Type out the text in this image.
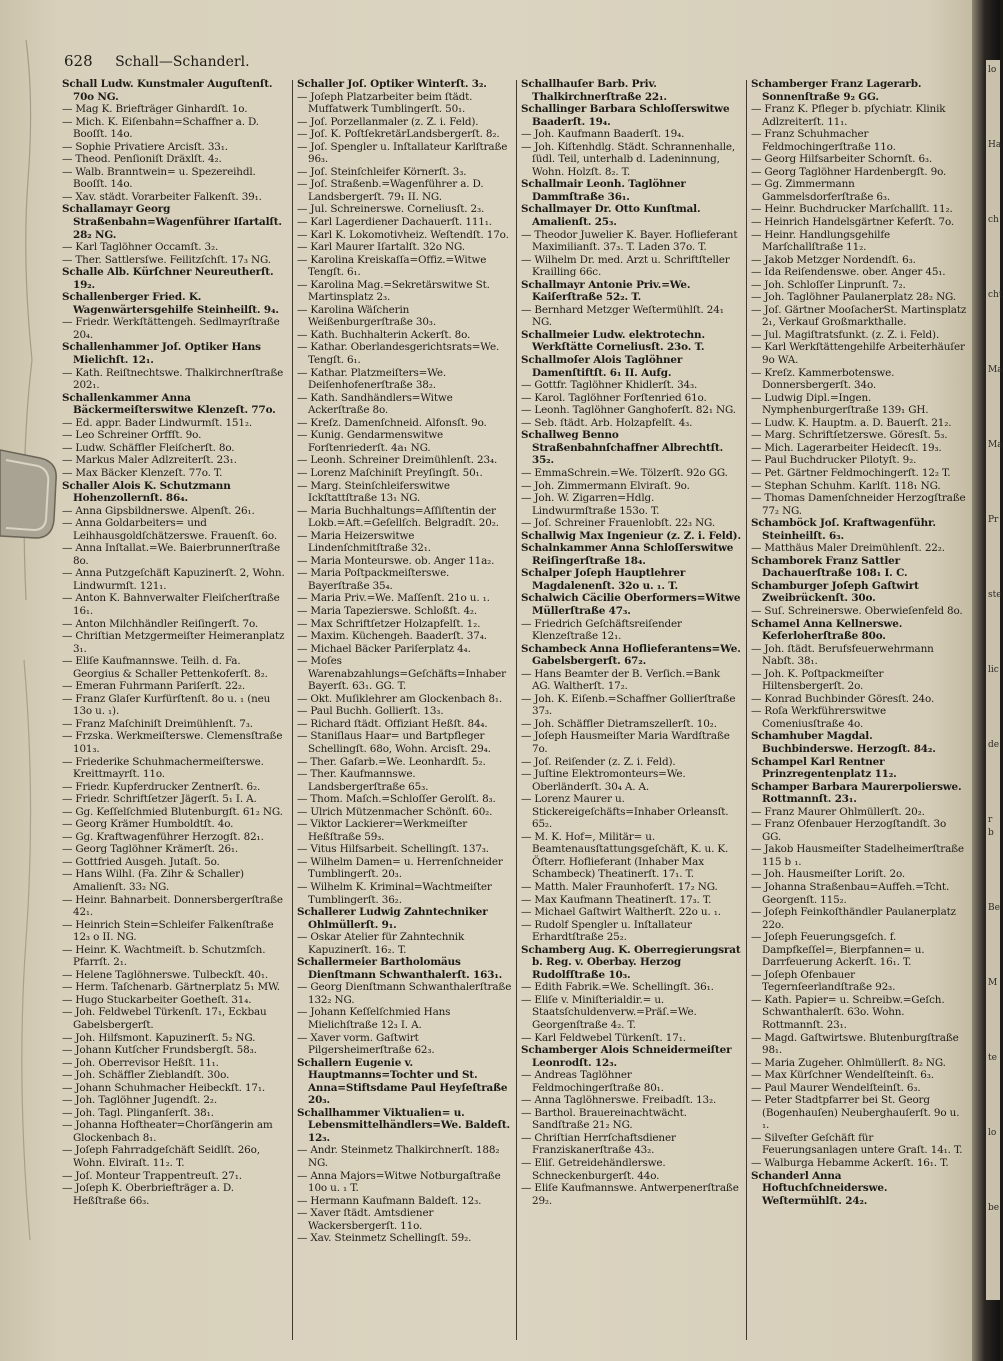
628 Schall—Schanderl.
Schall Ludw. Kunstmaler Auguſtenſt. 70o NG.
— Mag K. Briefträger Ginhardſt. 1o.
— Mich. K. Eiſenbahn=Schaffner a. D. Booſſt. 14o.
— Sophie Privatiere Arcisſt. 33₁.
— Theod. Penſioniſt Dräxlſt. 4₂.
— Walb. Branntwein= u. Spezereihdl. Booſſt. 14o.
— Xav. städt. Vorarbeiter Falkenſt. 39₁.
Schallamayr Georg Straßenbahn=Wagenführer Iſartalſt. 28₂ NG.
— Karl Taglöhner Occamſt. 3₂.
— Ther. Sattlersſwe. Feilitzſchſt. 17₃ NG.
Schalle Alb. Kürſchner Neureutherſt. 19₂.
Schallenberger Fried. K. Wagenwärtersgehilfe Steinheilſt. 9₄.
— Friedr. Werkſtättengeh. Sedlmayrſtraße 20₄.
Schallenhammer Joſ. Optiker Hans Mielichſt. 12₁.
— Kath. Reiſtnechtswe. Thalkirchnerſtraße 202₁.
Schallenkammer Anna Bäckermeiſterswitwe Klenzeſt. 77o.
— Ed. appr. Bader Lindwurmſt. 151₂.
— Leo Schreiner Orffſt. 9o.
— Ludw. Schäffler Fleiſcherſt. 8o.
— Markus Maler Adlzreiterſt. 23₁.
— Max Bäcker Klenzeſt. 77o. T.
Schaller Alois K. Schutzmann Hohenzollernſt. 86₄.
— Anna Gipsbildnerswe. Alpenſt. 26₁.
— Anna Goldarbeiters= und Leihhausgoldſchätzerswe. Frauenſt. 6o.
— Anna Inſtallat.=We. Baierbrunnerſtraße 8o.
— Anna Putzgeſchäft Kapuzinerſt. 2, Wohn. Lindwurmſt. 121₁.
— Anton K. Bahnverwalter Fleiſcherſtraße 16₁.
— Anton Milchhändler Reiſingerſt. 7o.
— Chriſtian Metzgermeiſter Heimeranplatz 3₁.
— Eliſe Kaufmannswe. Teilh. d. Fa. Georgius & Schaller Pettenkoferſt. 8₂.
— Emeran Fuhrmann Pariſerſt. 22₂.
— Franz Glaſer Kurfürſtenſt. 8o u. ₁ (neu 13o u. ₁).
— Franz Maſchiniſt Dreimühlenſt. 7₃.
— Frzska. Werkmeiſterswe. Clemensſtraße 101₃.
— Friederike Schuhmachermeiſterswe. Kreittmayrſt. 11o.
— Friedr. Kupferdrucker Zentnerſt. 6₂.
— Friedr. Schriftſetzer Jägerſt. 5₁ I. A.
— Gg. Keſſelſchmied Blutenburgſt. 61₂ NG.
— Georg Krämer Humboldtſt. 4o.
— Gg. Kraftwagenführer Herzogſt. 82₁.
— Georg Taglöhner Krämerſt. 26₁.
— Gottfried Ausgeh. Jutaſt. 5o.
— Hans Wilhl. (Fa. Zihr & Schaller) Amalienſt. 33₂ NG.
— Heinr. Bahnarbeit. Donnersbergerſtraße 42₁.
— Heinrich Stein=Schleifer Falkenſtraße 12₃ o II. NG.
— Heinr. K. Wachtmeiſt. b. Schutzmſch. Pfarrſt. 2₁.
— Helene Taglöhnerswe. Tulbeckſt. 40₁.
— Herm. Taſchenarb. Gärtnerplatz 5₁ MW.
— Hugo Stuckarbeiter Goetheſt. 31₄.
— Joh. Feldwebel Türkenſt. 17₁, Eckbau Gabelsbergerſt.
— Joh. Hilfsmont. Kapuzinerſt. 5₂ NG.
— Johann Kutſcher Frundsbergſt. 58₃.
— Joh. Oberrevisor Heßſt. 11₁.
— Joh. Schäffler Zieblandſt. 30o.
— Johann Schuhmacher Heibeckſt. 17₁.
— Joh. Taglöhner Jugendſt. 2₂.
— Joh. Tagl. Plinganſerſt. 38₁.
— Johanna Hoftheater=Chorſängerin am Glockenbach 8₁.
— Joſeph Fahrradgeſchäft Seidlſt. 26o, Wohn. Elviraſt. 11₂. T.
— Joſ. Monteur Trappentreuſt. 27₁.
— Joſeph K. Oberbriefträger a. D. Heßſtraße 66₃.
Schaller Joſ. Optiker Winterſt. 3₂.
— Joſeph Platzarbeiter beim ſtädt. Muffatwerk Tumblingerſt. 50₁.
— Joſ. Porzellanmaler (z. Z. i. Feld).
— Joſ. K. PoſtſekretärLandsbergerſt. 8₂.
— Joſ. Spengler u. Inſtallateur Karlſtraße 96₃.
— Joſ. Steinſchleifer Körnerſt. 3₃.
— Joſ. Straßenb.=Wagenführer a. D. Landsbergerſt. 79₁ II. NG.
— Jul. Schreinerswe. Corneliusſt. 2₃.
— Karl Lagerdiener Dachauerſt. 111₁.
— Karl K. Lokomotivheiz. Weſtendſt. 17o.
— Karl Maurer Iſartalſt. 32o NG.
— Karolina Kreiskaſſa=Offiz.=Witwe Tengſt. 6₁.
— Karolina Mag.=Sekretärswitwe St. Martinsplatz 2₃.
— Karolina Wäſcherin Weißenburgerſtraße 30₃.
— Kath. Buchhalterin Ackerſt. 8o.
— Kathar. Oberlandesgerichtsrats=We. Tengſt. 6₁.
— Kathar. Platzmeiſters=We. Deiſenhofenerſtraße 38₂.
— Kath. Sandhändlers=Witwe Ackerſtraße 8o.
— Kreſz. Damenſchneid. Alfonsſt. 9o.
— Kunig. Gendarmenswitwe Forſtenriederſt. 4a₁ NG.
— Leonh. Schreiner Dreimühlenſt. 23₄.
— Lorenz Maſchiniſt Preyſingſt. 50₁.
— Marg. Steinſchleiferswitwe Ickſtattſtraße 13₁ NG.
— Maria Buchhaltungs=Aſſiſtentin der Lokb.=Aft.=Geſellſch. Belgradſt. 20₂.
— Maria Heizerswitwe Lindenſchmitſtraße 32₁.
— Maria Monteurswe. ob. Anger 11a₂.
— Maria Poſtpackmeiſterswe. Bayerſtraße 35₄.
— Maria Priv.=We. Maſſenſt. 21o u. ₁.
— Maria Tapezierswe. Schloßſt. 4₂.
— Max Schriftſetzer Holzapfelſt. 1₂.
— Maxim. Küchengeh. Baaderſt. 37₄.
— Michael Bäcker Pariſerplatz 4₄.
— Moſes Warenabzahlungs=Geſchäfts=Inhaber Bayerſt. 63₁. GG. T.
— Okt. Muſiklehrer am Glockenbach 8₁.
— Paul Buchh. Gollierſt. 13₃.
— Richard ſtädt. Offiziant Heßſt. 84₄.
— Staniſlaus Haar= und Bartpfleger Schellingſt. 68o, Wohn. Arcisſt. 29₄.
— Ther. Gaſarb.=We. Leonhardſt. 5₂.
— Ther. Kaufmannswe. Landsbergerſtraße 65₃.
— Thom. Maſch.=Schloſſer Gerolſt. 8₃.
— Ulrich Mützenmacher Schönſt. 60₂.
— Viktor Lackierer=Werkmeiſter Heßſtraße 59₃.
— Vitus Hilfsarbeit. Schellingſt. 137₃.
— Wilhelm Damen= u. Herrenſchneider Tumblingerſt. 20₃.
— Wilhelm K. Kriminal=Wachtmeiſter Tumblingerſt. 36₂.
Schallerer Ludwig Zahntechniker Ohlmüllerſt. 9₁.
— Oskar Atelier für Zahntechnik Kapuzinerſt. 16₂. T.
Schallermeier Bartholomäus Dienſtmann Schwanthalerſt. 163₁.
— Georg Dienſtmann Schwanthalerſtraße 132₂ NG.
— Johann Keſſelſchmied Hans Mielichſtraße 12₃ I. A.
— Xaver vorm. Gaſtwirt Pilgersheimerſtraße 62₃.
Schallern Eugenie v. Hauptmanns=Tochter und St. Anna=Stiftsdame Paul Heyſeſtraße 20₃.
Schallhammer Viktualien= u. Lebensmittelhändlers=We. Baldeſt. 12₃.
— Andr. Steinmetz Thalkirchnerſt. 188₂ NG.
— Anna Majors=Witwe Notburgaſtraße 10o u. ₁ T.
— Hermann Kaufmann Baldeſt. 12₃.
— Xaver ſtädt. Amtsdiener Wackersbergerſt. 11o.
— Xav. Steinmetz Schellingſt. 59₂.
Schallhauſer Barb. Priv. Thalkirchnerſtraße 22₁.
Schallinger Barbara Schloſſerswitwe Baaderſt. 19₄.
— Joh. Kaufmann Baaderſt. 19₄.
— Joh. Kiſtenhdlg. Städt. Schrannenhalle, ſüdl. Teil, unterhalb d. Ladeninnung, Wohn. Holzſt. 8₂. T.
Schallmair Leonh. Taglöhner Dammſtraße 36₁.
Schallmayer Dr. Otto Kunſtmal. Amalienſt. 25₃.
— Theodor Juwelier K. Bayer. Hoflieferant Maximilianſt. 37₃. T. Laden 37o. T.
— Wilhelm Dr. med. Arzt u. Schriftſteller Krailling 66c.
Schallmayr Antonie Priv.=We. Kaiſerſtraße 52₂. T.
— Bernhard Metzger Weſtermühlſt. 24₁ NG.
Schallmeier Ludw. elektrotechn. Werkſtätte Corneliusſt. 23o. T.
Schallmoſer Alois Taglöhner Damenſtiftſt. 6₁ II. Aufg.
— Gottfr. Taglöhner Khidlerſt. 34₃.
— Karol. Taglöhner Forſtenried 61o.
— Leonh. Taglöhner Ganghoferſt. 82₁ NG.
— Seb. ſtädt. Arb. Holzapfelſt. 4₃.
Schallweg Benno Straßenbahnſchaffner Albrechtſt. 35₂.
— EmmaSchrein.=We. Tölzerſt. 92o GG.
— Joh. Zimmermann Elviraſt. 9o.
— Joh. W. Zigarren=Hdlg. Lindwurmſtraße 153o. T.
— Joſ. Schreiner Frauenlobſt. 22₃ NG.
Schallwig Max Ingenieur (z. Z. i. Feld).
Schalnkammer Anna Schloſſerswitwe Reiſingerſtraße 18₄.
Schalper Joſeph Hauptlehrer Magdalenenſt. 32o u. ₁. T.
Schalwich Cäcilie Oberformers=Witwe Müllerſtraße 47₃.
— Friedrich Geſchäftsreiſender Klenzeſtraße 12₁.
Schambeck Anna Hoflieferantens=We. Gabelsbergerſt. 67₂.
— Hans Beamter der B. Verſich.=Bank AG. Waltherſt. 17₂.
— Joh. K. Eiſenb.=Schaffner Gollierſtraße 37₃.
— Joh. Schäffler Dietramszellerſt. 10₂.
— Joſeph Hausmeiſter Maria Wardſtraße 7o.
— Joſ. Reiſender (z. Z. i. Feld).
— Juſtine Elektromonteurs=We. Oberländerſt. 30₄ A. A.
— Lorenz Maurer u. Stickereigeſchäfts=Inhaber Orleansſt. 65₂.
— M. K. Hof=, Militär= u. Beamtenausſtattungsgeſchäft, K. u. K. Öſterr. Hoflieferant (Inhaber Max Schambeck) Theatinerſt. 17₁. T.
— Matth. Maler Fraunhoferſt. 17₂ NG.
— Max Kaufmann Theatinerſt. 17₃. T.
— Michael Gaſtwirt Waltherſt. 22o u. ₁.
— Rudolf Spengler u. Inſtallateur Erhardtſtraße 25₂.
Schamberg Aug. K. Oberregierungsrat b. Reg. v. Oberbay. Herzog Rudolfſtraße 10₃.
— Edith Fabrik.=We. Schellingſt. 36₁.
— Eliſe v. Miniſterialdir.= u. Staatsſchuldenverw.=Präſ.=We. Georgenſtraße 4₂. T.
— Karl Feldwebel Türkenſt. 17₁.
Schamberger Alois Schneidermeiſter Leonrodſt. 12₃.
— Andreas Taglöhner Feldmochingerſtraße 80₁.
— Anna Taglöhnerswe. Freibadſt. 13₂.
— Barthol. Brauereinachtwächt. Sandſtraße 21₂ NG.
— Chriſtian Herrſchaftsdiener Franziskanerſtraße 43₂.
— Eliſ. Getreidehändlerswe. Schneckenburgerſt. 44o.
— Eliſe Kaufmannswe. Antwerpenerſtraße 29₂.
Schamberger Franz Lagerarb. Sonnenſtraße 9₂ GG.
— Franz K. Pfleger b. pſychiatr. Klinik Adlzreiterſt. 11₁.
— Franz Schuhmacher Feldmochingerſtraße 11o.
— Georg Hilfsarbeiter Schornſt. 6₃.
— Georg Taglöhner Hardenbergſt. 9o.
— Gg. Zimmermann Gammelsdorferſtraße 6₃.
— Heinr. Buchdrucker Marſchallſt. 11₂.
— Heinrich Handelsgärtner Keferſt. 7o.
— Heinr. Handlungsgehilfe Marſchallſtraße 11₂.
— Jakob Metzger Nordendſt. 6₃.
— Ida Reiſendenswe. ober. Anger 45₁.
— Joh. Schloſſer Linprunſt. 7₂.
— Joh. Taglöhner Paulanerplatz 28₂ NG.
— Joſ. Gärtner MooſacherSt. Martinsplatz 2₁, Verkauf Großmarkthalle.
— Jul. Magiſtratsfunkt. (z. Z. i. Feld).
— Karl Werkſtättengehilfe Arbeiterhäuſer 9o WA.
— Kreſz. Kammerbotenswe. Donnersbergerſt. 34o.
— Ludwig Dipl.=Ingen. Nymphenburgerſtraße 139₁ GH.
— Ludw. K. Hauptm. a. D. Bauerſt. 21₂.
— Marg. Schriftſetzerswe. Göresſt. 5₃.
— Mich. Lagerarbeiter Heidecſt. 19₃.
— Paul Buchdrucker Pilotyſt. 9₂.
— Pet. Gärtner Feldmochingerſt. 12₂ T.
— Stephan Schuhm. Karlſt. 118₁ NG.
— Thomas Damenſchneider Herzogſtraße 77₂ NG.
Schamböck Joſ. Kraftwagenführ. Steinheilſt. 6₃.
— Matthäus Maler Dreimühlenſt. 22₂.
Schamborek Franz Sattler Dachauerſtraße 108₁ I. C.
Schamburger Joſeph Gaſtwirt Zweibrückenſt. 30o.
— Suſ. Schreinerswe. Oberwieſenfeld 8o.
Schamel Anna Kellnerswe. Keferloherſtraße 80o.
— Joh. ſtädt. Berufsfeuerwehrmann Nabſt. 38₁.
— Joh. K. Poſtpackmeiſter Hiltensbergerſt. 2o.
— Konrad Buchbinder Göresſt. 24o.
— Roſa Werkführerswitwe Comeniusſtraße 4o.
Schamhuber Magdal. Buchbinderswe. Herzogſt. 84₂.
Schampel Karl Rentner Prinzregentenplatz 11₂.
Schamper Barbara Maurerpolierswe. Rottmannſt. 23₁.
— Franz Maurer Ohlmüllerſt. 20₂.
— Franz Ofenbauer Herzogſtandſt. 3o GG.
— Jakob Hausmeiſter Stadelheimerſtraße 115 b ₁.
— Joh. Hausmeiſter Loriſt. 2o.
— Johanna Straßenbau=Auffeh.=Tcht. Georgenſt. 115₂.
— Joſeph Feinkoſthändler Paulanerplatz 22o.
— Joſeph Feuerungsgeſch. f. Dampfkeſſel=, Bierpfannen= u. Darrfeuerung Ackerſt. 16₁. T.
— Joſeph Ofenbauer Tegernſeerlandſtraße 92₃.
— Kath. Papier= u. Schreibw.=Geſch. Schwanthalerſt. 63o. Wohn. Rottmannſt. 23₁.
— Magd. Gaſtwirtswe. Blutenburgſtraße 98₁.
— Maria Zugeher. Ohlmüllerſt. 8₂ NG.
— Max Kürſchner Wendelſteinſt. 6₃.
— Paul Maurer Wendelſteinſt. 6₃.
— Peter Stadtpfarrer bei St. Georg (Bogenhauſen) Neuberghauſerſt. 9o u. ₁.
— Silveſter Geſchäft für Feuerungsanlagen untere Graſt. 14₁. T.
— Walburga Hebamme Ackerſt. 16₁. T.
Schanderl Anna Hoftuchſchneiderswe. Weſtermühlſt. 24₂.
lo
Ha
ch
cht
Ma
Ma
Pr
ste
lic
de
r b
Be
M
te
lo
be
